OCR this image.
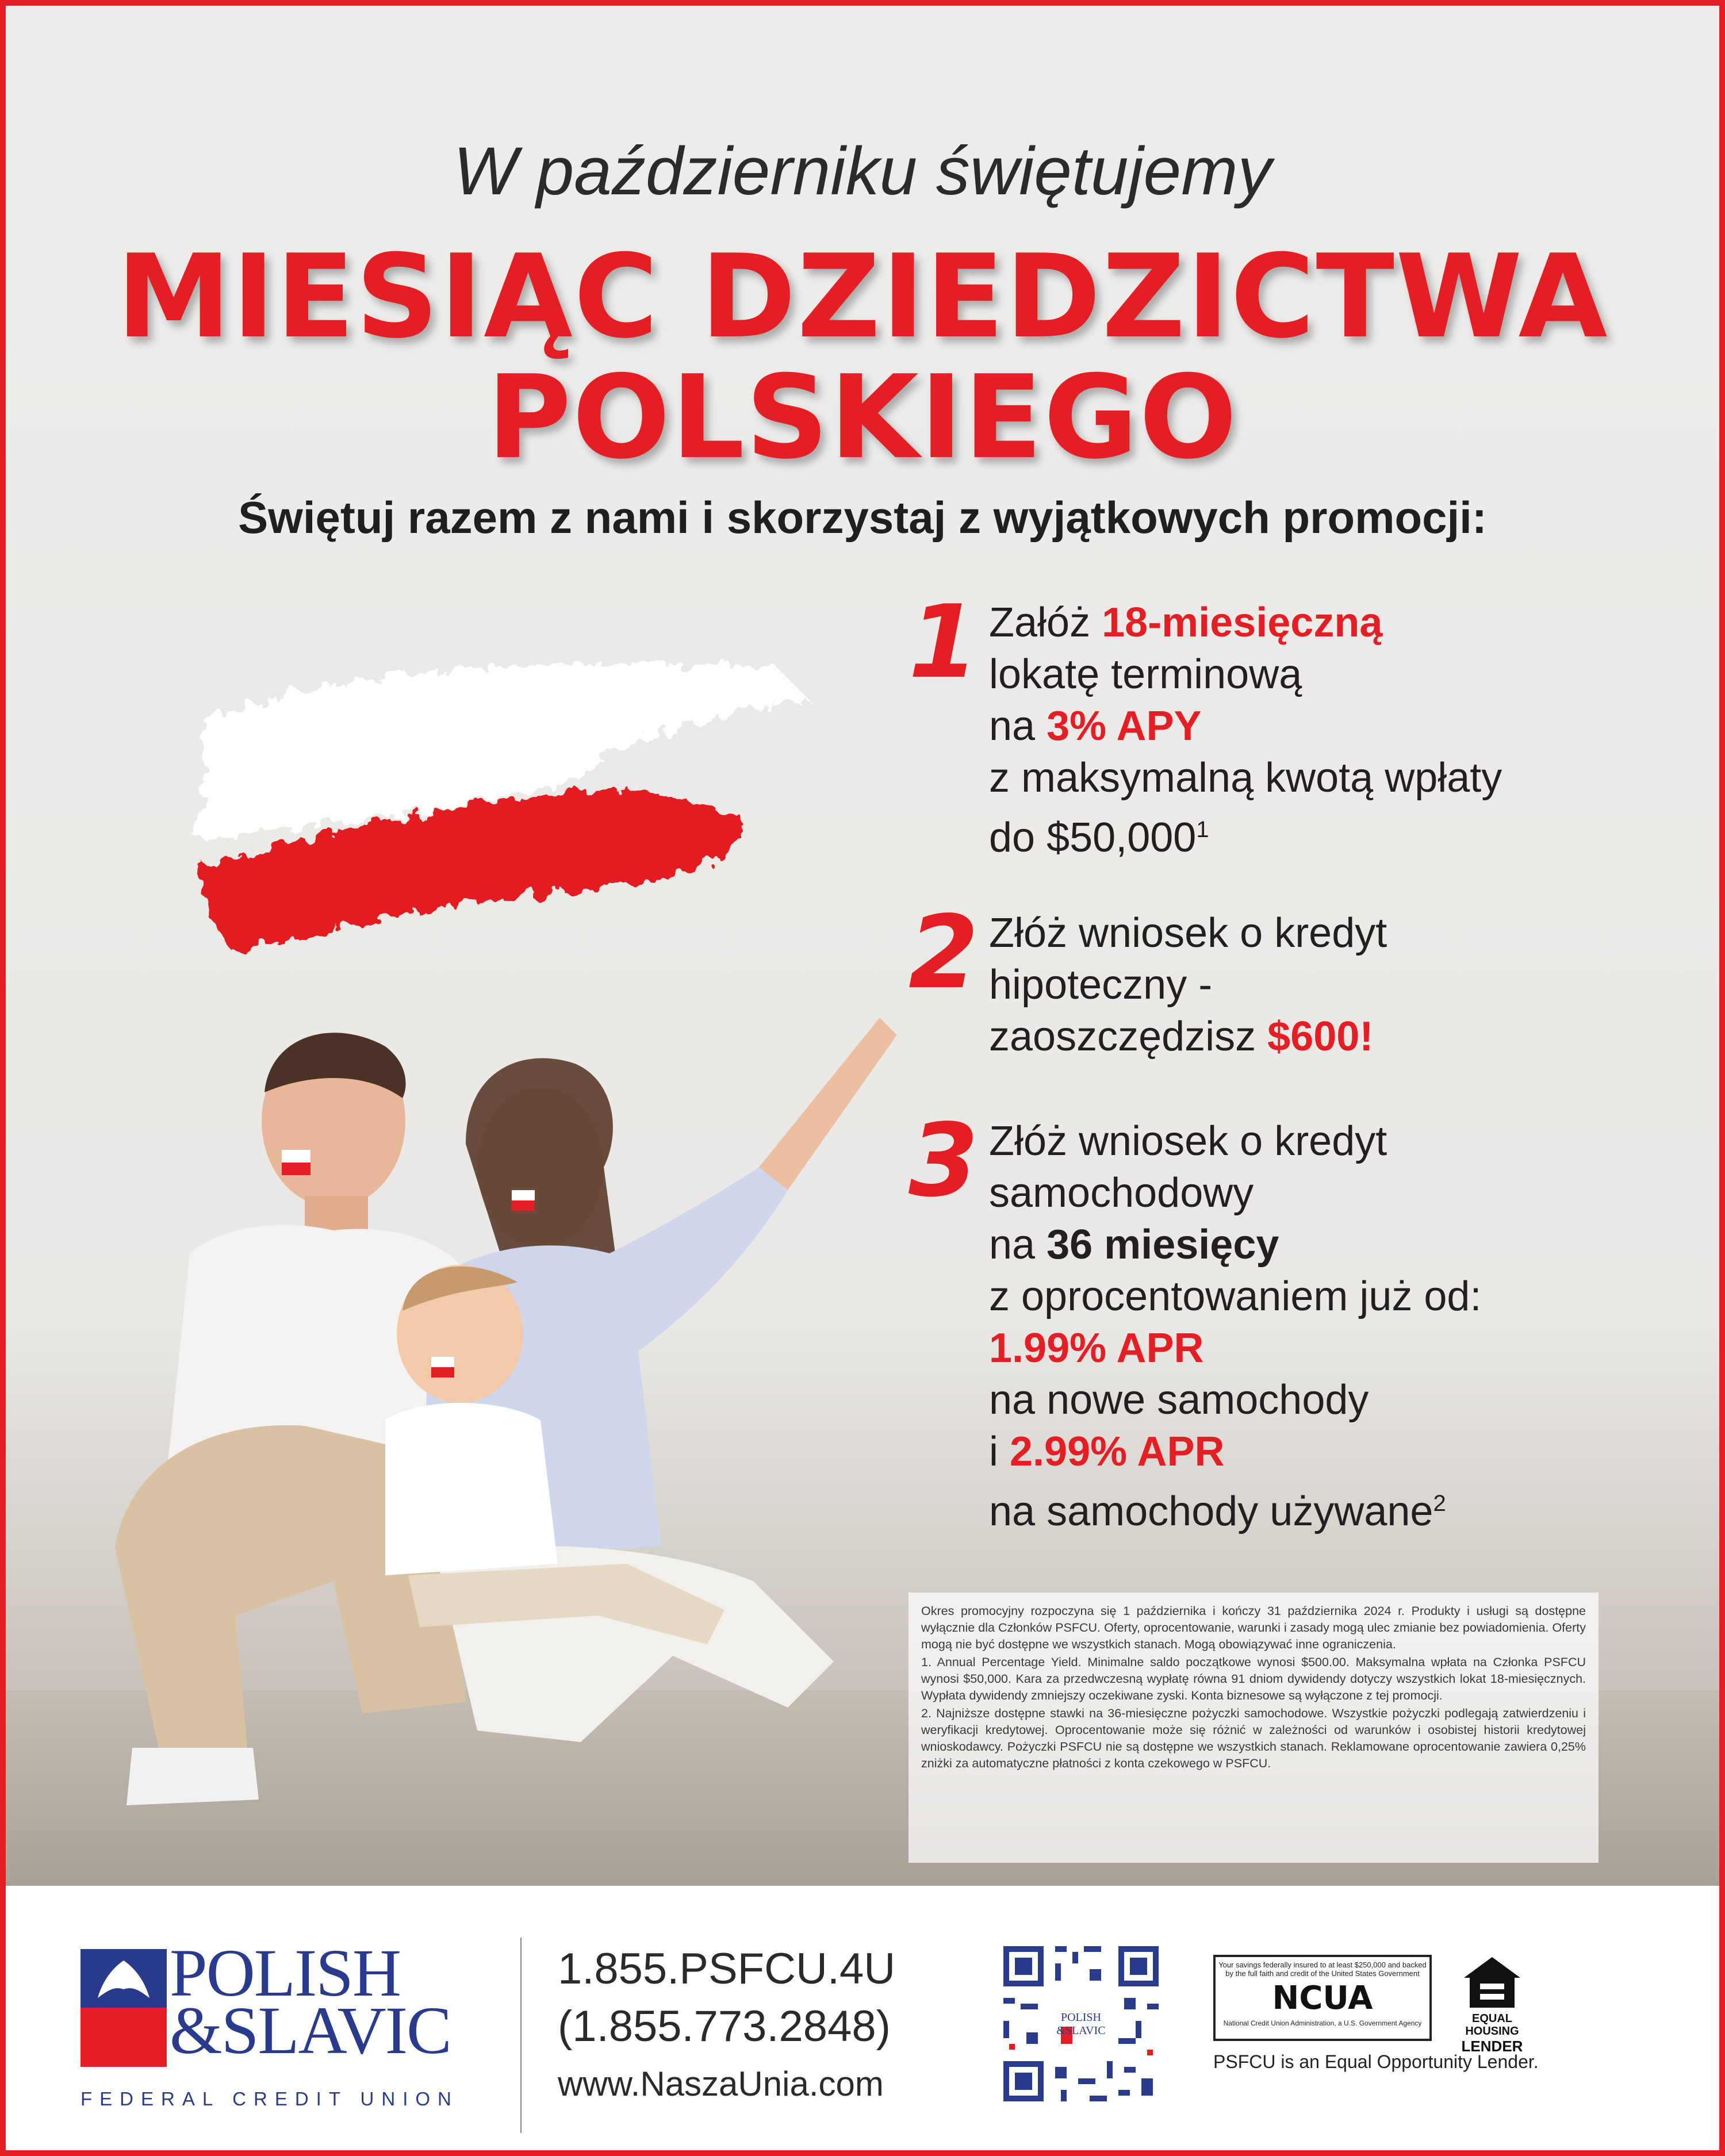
W październiku świętujemy
MIESIĄC DZIEDZICTWA
POLSKIEGO
Świętuj razem z nami i skorzystaj z wyjątkowych promocji:
1 Załóż 18-miesięczną
lokatę terminową
na 3% APY
z maksymalną kwotą wpłaty
do $50,000$^1$
2 Złóż wniosek o kredyt
hipoteczny -
zaoszczędzisz $600!
3 Złóż wniosek o kredyt
samochodowy
na 36 miesięcy
z oprocentowaniem już od:
1.99% APR
na nowe samochody
i 2.99% APR
na samochody używane$^2$

Okres promocyjny rozpoczyna się 1 października i kończy 31 października 2024 r. Produkty i usługi są dostępne wyłącznie dla Członków PSFCU. Oferty, oprocentowanie, warunki i zasady mogą ulec zmianie bez powiadomienia. Oferty mogą nie być dostępne we wszystkich stanach. Mogą obowiązywać inne ograniczenia.

1. Annual Percentage Yield. Minimalne saldo początkowe wynosi $500.00. Maksymalna wpłata na Członka PSFCU wynosi $50,000. Kara za przedwczesną wypłatę równa 91 dniom dywidendy dotyczy wszystkich lokat 18-miesięcznych. Wypłata dywidendy zmniejszy oczekiwane zyski. Konta biznesowe są wyłączone z tej promocji.

2. Najniższe dostępne stawki na 36-miesięczne pożyczki samochodowe. Wszystkie pożyczki podlegają zatwierdzeniu i weryfikacji kredytowej. Oprocentowanie może się różnić w zależności od warunków i osobistej historii kredytowej wnioskodawcy. Pożyczki PSFCU nie są dostępne we wszystkich stanach. Reklamowane oprocentowanie zawiera 0,25% zniżki za automatyczne płatności z konta czekowego w PSFCU.

POLISH
&SLAVIC
FEDERAL CREDIT UNION
1.855.PSFCU.4U
(1.855.773.2848)
www.NaszaUnia.com
POLISH
&SLAVIC
Your savings federally insured to at least $250,000 and backed by the full faith and credit of the United States Government
NCUA
National Credit Union Administration, a U.S. Government Agency	EQUAL HOUSING
LENDER
PSFCU is an Equal Opportunity Lender.
